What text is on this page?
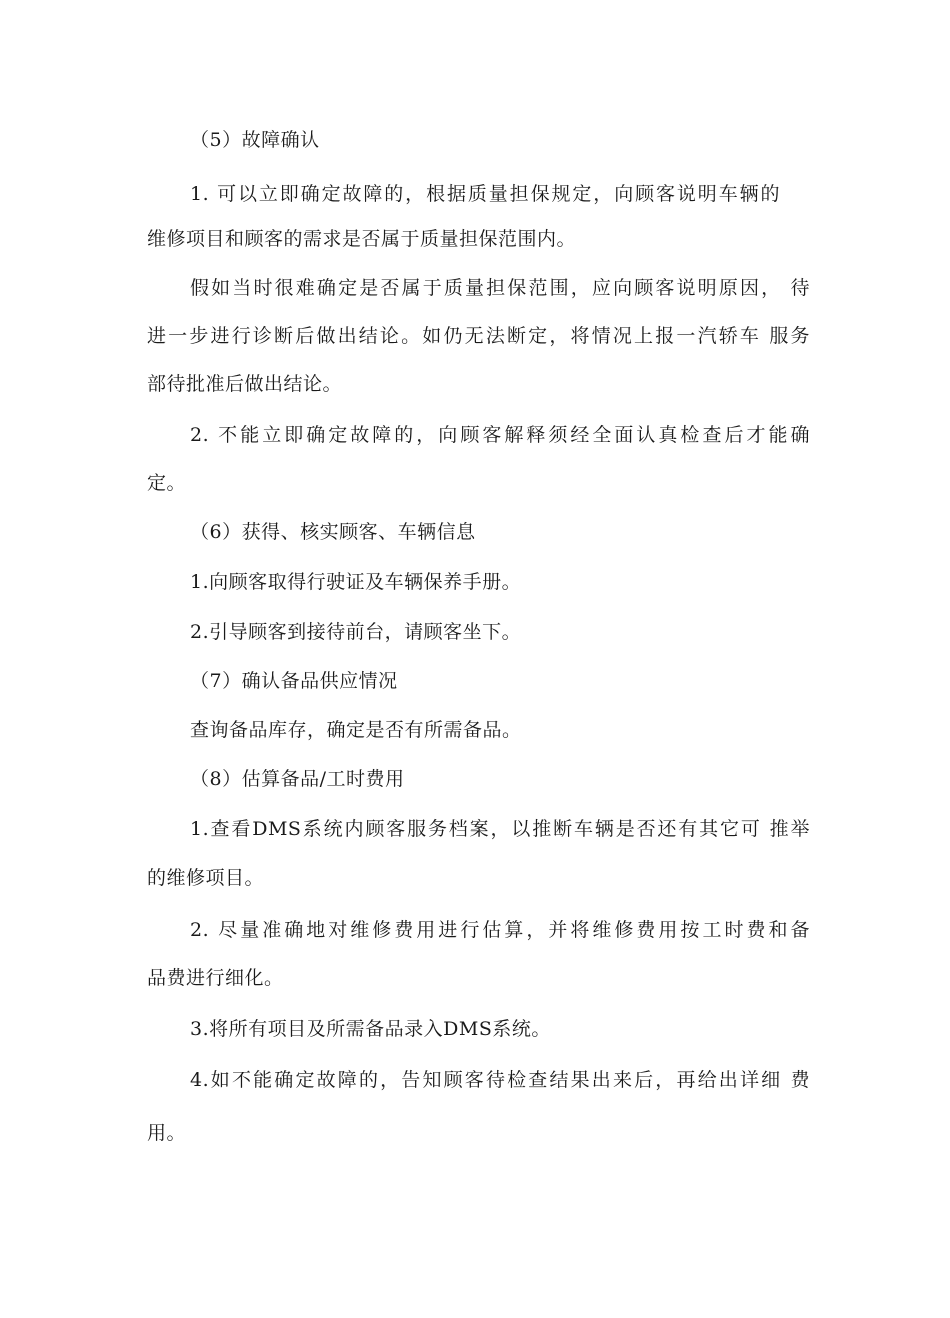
（5）故障确认
1. 可以立即确定故障的，根据质量担保规定，向顾客说明车辆的
维修项目和顾客的需求是否属于质量担保范围内。
假如当时很难确定是否属于质量担保范围，应向顾客说明原因， 待
进一步进行诊断后做出结论。如仍无法断定，将情况上报一汽轿车 服务
部待批准后做出结论。
2. 不能立即确定故障的，向顾客解释须经全面认真检查后才能确
定。
（6）获得、核实顾客、车辆信息
1.向顾客取得行驶证及车辆保养手册。
2.引导顾客到接待前台，请顾客坐下。
（7）确认备品供应情况
查询备品库存，确定是否有所需备品。
（8）估算备品/工时费用
1.查看DMS系统内顾客服务档案，以推断车辆是否还有其它可 推举
的维修项目。
2. 尽量准确地对维修费用进行估算，并将维修费用按工时费和备
品费进行细化。
3.将所有项目及所需备品录入DMS系统。
4.如不能确定故障的，告知顾客待检查结果出来后，再给出详细 费
用。
